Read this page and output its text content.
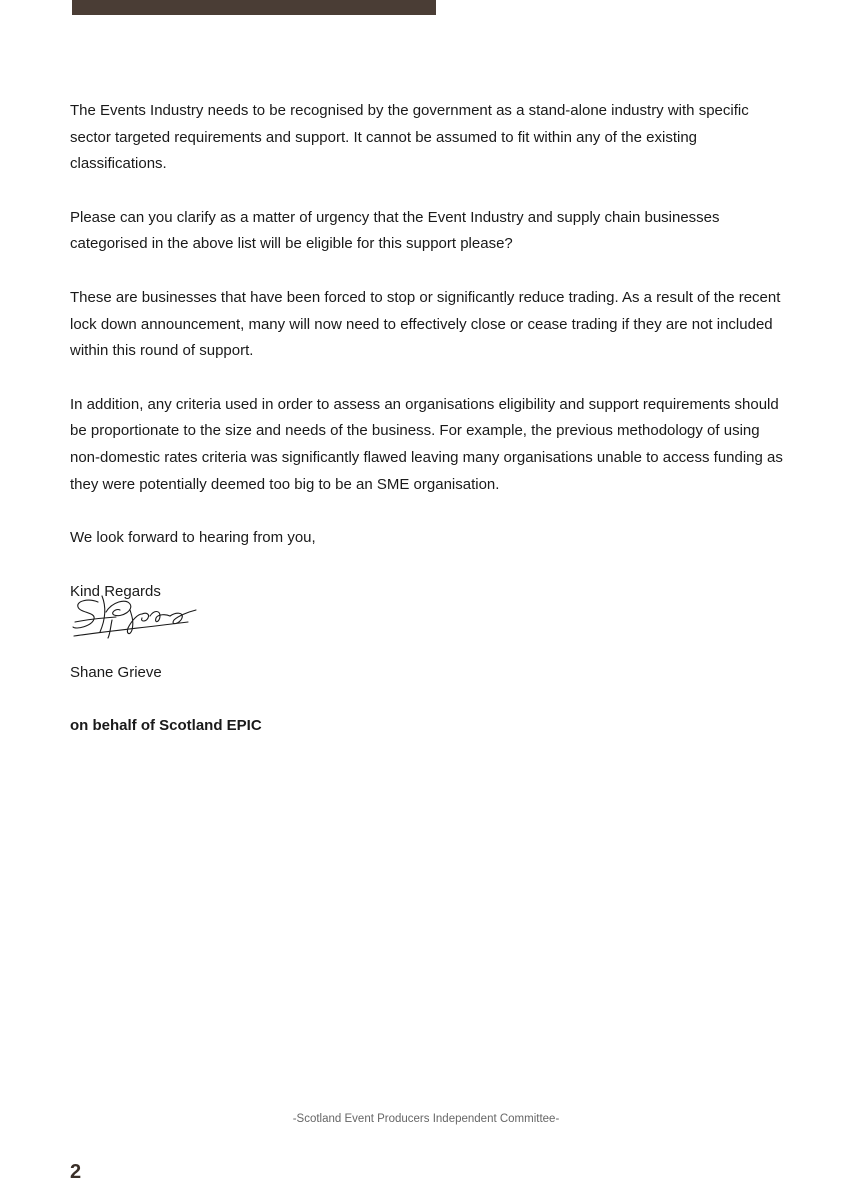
The Events Industry needs to be recognised by the government as a stand-alone industry with specific sector targeted requirements and support. It cannot be assumed to fit within any of the existing classifications.

Please can you clarify as a matter of urgency that the Event Industry and supply chain businesses categorised in the above list will be eligible for this support please?

These are businesses that have been forced to stop or significantly reduce trading. As a result of the recent lock down announcement, many will now need to effectively close or cease trading if they are not included within this round of support.

In addition, any criteria used in order to assess an organisations eligibility and support requirements should be proportionate to the size and needs of the business. For example, the previous methodology of using non-domestic rates criteria was significantly flawed leaving many organisations unable to access funding as they were potentially deemed too big to be an SME organisation.

We look forward to hearing from you,

Kind Regards

Shane Grieve

on behalf of Scotland EPIC

-Scotland Event Producers Independent Committee-
2
